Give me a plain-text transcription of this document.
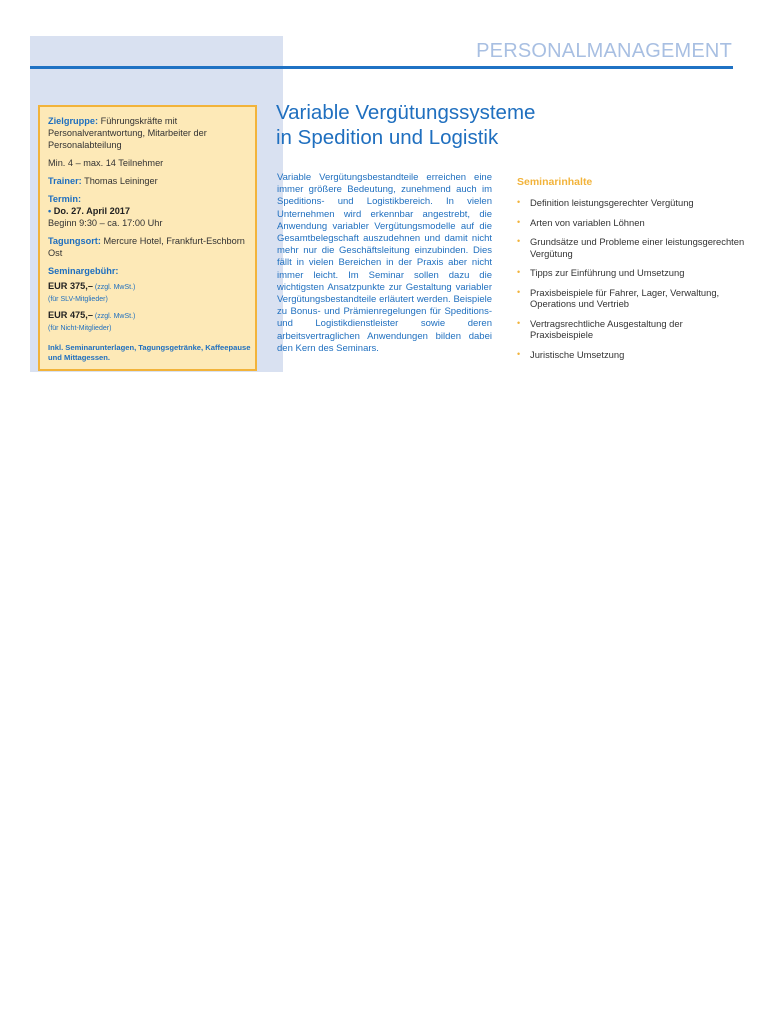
PERSONALMANAGEMENT
Zielgruppe: Führungskräfte mit Personalverantwortung, Mitarbeiter der Personalabteilung
Min. 4 – max. 14 Teilnehmer
Trainer: Thomas Leininger
Termin:
• Do. 27. April 2017
Beginn 9:30 – ca. 17:00 Uhr
Tagungsort: Mercure Hotel, Frankfurt-Eschborn Ost
Seminargebühr:
EUR 375,– (zzgl. MwSt.)
(für SLV-Mitglieder)
EUR 475,– (zzgl. MwSt.)
(für Nicht-Mitglieder)
Inkl. Seminarunterlagen, Tagungsgetränke, Kaffeepause und Mittagessen.
Variable Vergütungssysteme
in Spedition und Logistik

Variable Vergütungsbestandteile erreichen eine immer größere Bedeutung, zunehmend auch im Speditions- und Logistikbereich. In vielen Unternehmen wird erkennbar angestrebt, die Anwendung variabler Vergütungsmodelle auf die Gesamtbelegschaft auszudehnen und damit nicht mehr nur die Geschäftsleitung einzubinden. Dies fällt in vielen Bereichen in der Praxis aber nicht immer leicht. Im Seminar sollen dazu die wichtigsten Ansatzpunkte zur Gestaltung variabler Vergütungsbestandteile erläutert werden. Beispiele zu Bonus- und Prämienregelungen für Speditions- und Logistikdienstleister sowie deren arbeitsvertraglichen Anwendungen bilden dabei den Kern des Seminars.

Seminarinhalte
• Definition leistungsgerechter Vergütung
• Arten von variablen Löhnen
• Grundsätze und Probleme einer leistungsgerechten Vergütung
• Tipps zur Einführung und Umsetzung
• Praxisbeispiele für Fahrer, Lager, Verwaltung, Operations und Vertrieb
• Vertragsrechtliche Ausgestaltung der Praxisbeispiele
• Juristische Umsetzung
